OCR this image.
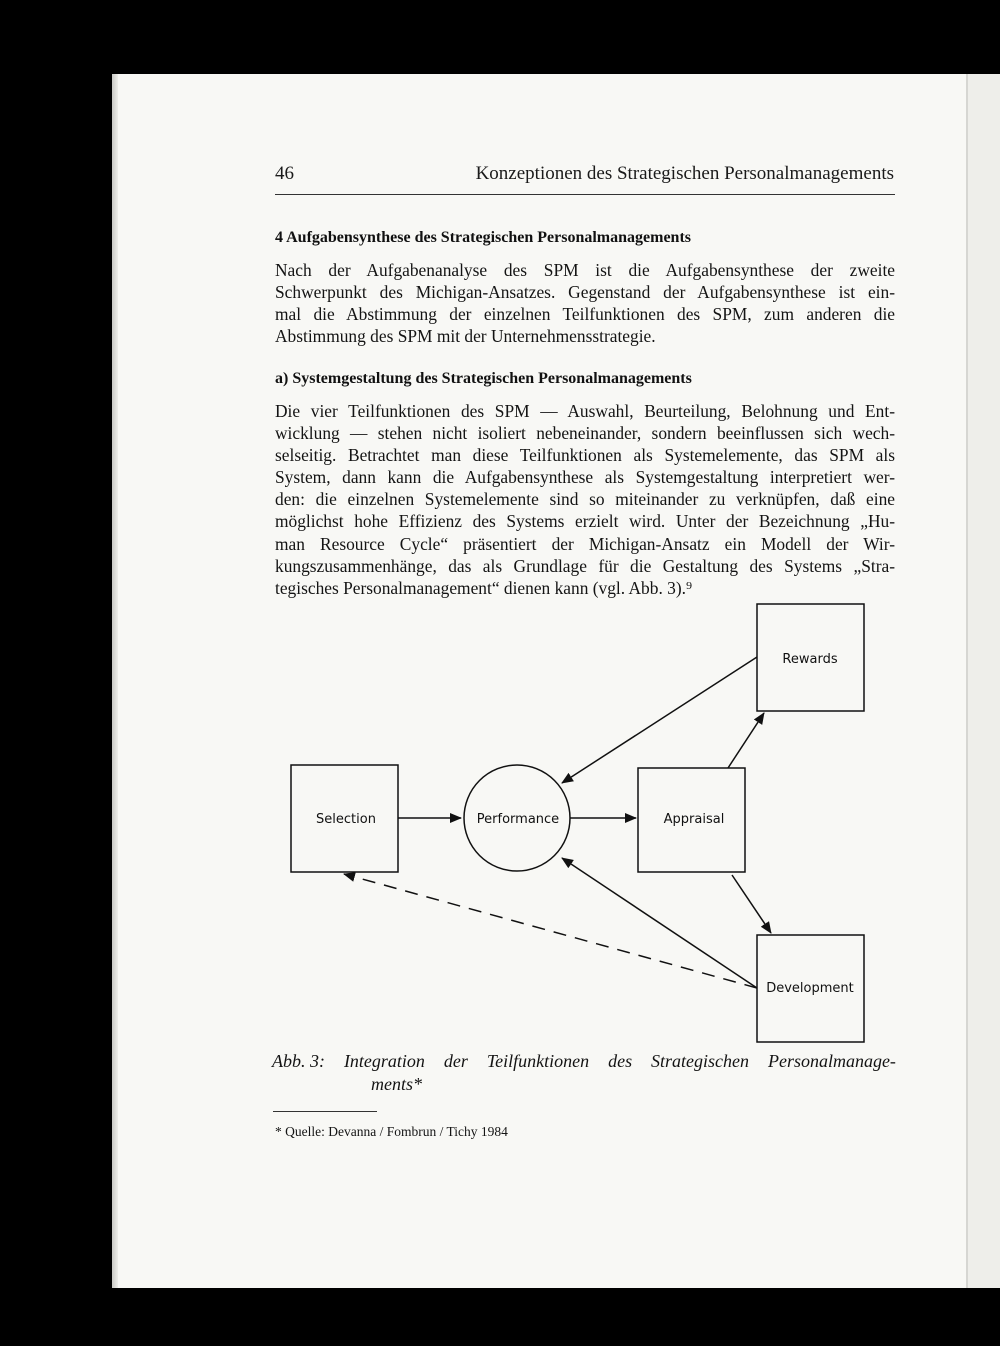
46	Konzeptionen des Strategischen Personalmanagements
4 Aufgabensynthese des Strategischen Personalmanagements
Nach der Aufgabenanalyse des SPM ist die Aufgabensynthese der zweite
Schwerpunkt des Michigan-Ansatzes. Gegenstand der Aufgabensynthese ist ein-
mal die Abstimmung der einzelnen Teilfunktionen des SPM, zum anderen die
Abstimmung des SPM mit der Unternehmensstrategie.
a) Systemgestaltung des Strategischen Personalmanagements
Die vier Teilfunktionen des SPM — Auswahl, Beurteilung, Belohnung und Ent-
wicklung — stehen nicht isoliert nebeneinander, sondern beeinflussen sich wech-
selseitig. Betrachtet man diese Teilfunktionen als Systemelemente, das SPM als
System, dann kann die Aufgabensynthese als Systemgestaltung interpretiert wer-
den: die einzelnen Systemelemente sind so miteinander zu verknüpfen, daß eine
möglichst hohe Effizienz des Systems erzielt wird. Unter der Bezeichnung „Hu-
man Resource Cycle“ präsentiert der Michigan-Ansatz ein Modell der Wir-
kungszusammenhänge, das als Grundlage für die Gestaltung des Systems „Stra-
tegisches Personalmanagement“ dienen kann (vgl. Abb. 3).⁹
Selection	Performance	Appraisal
Rewards
Development
Abb. 3: Integration der Teilfunktionen des Strategischen Personalmanage-
ments*
* Quelle: Devanna / Fombrun / Tichy 1984
